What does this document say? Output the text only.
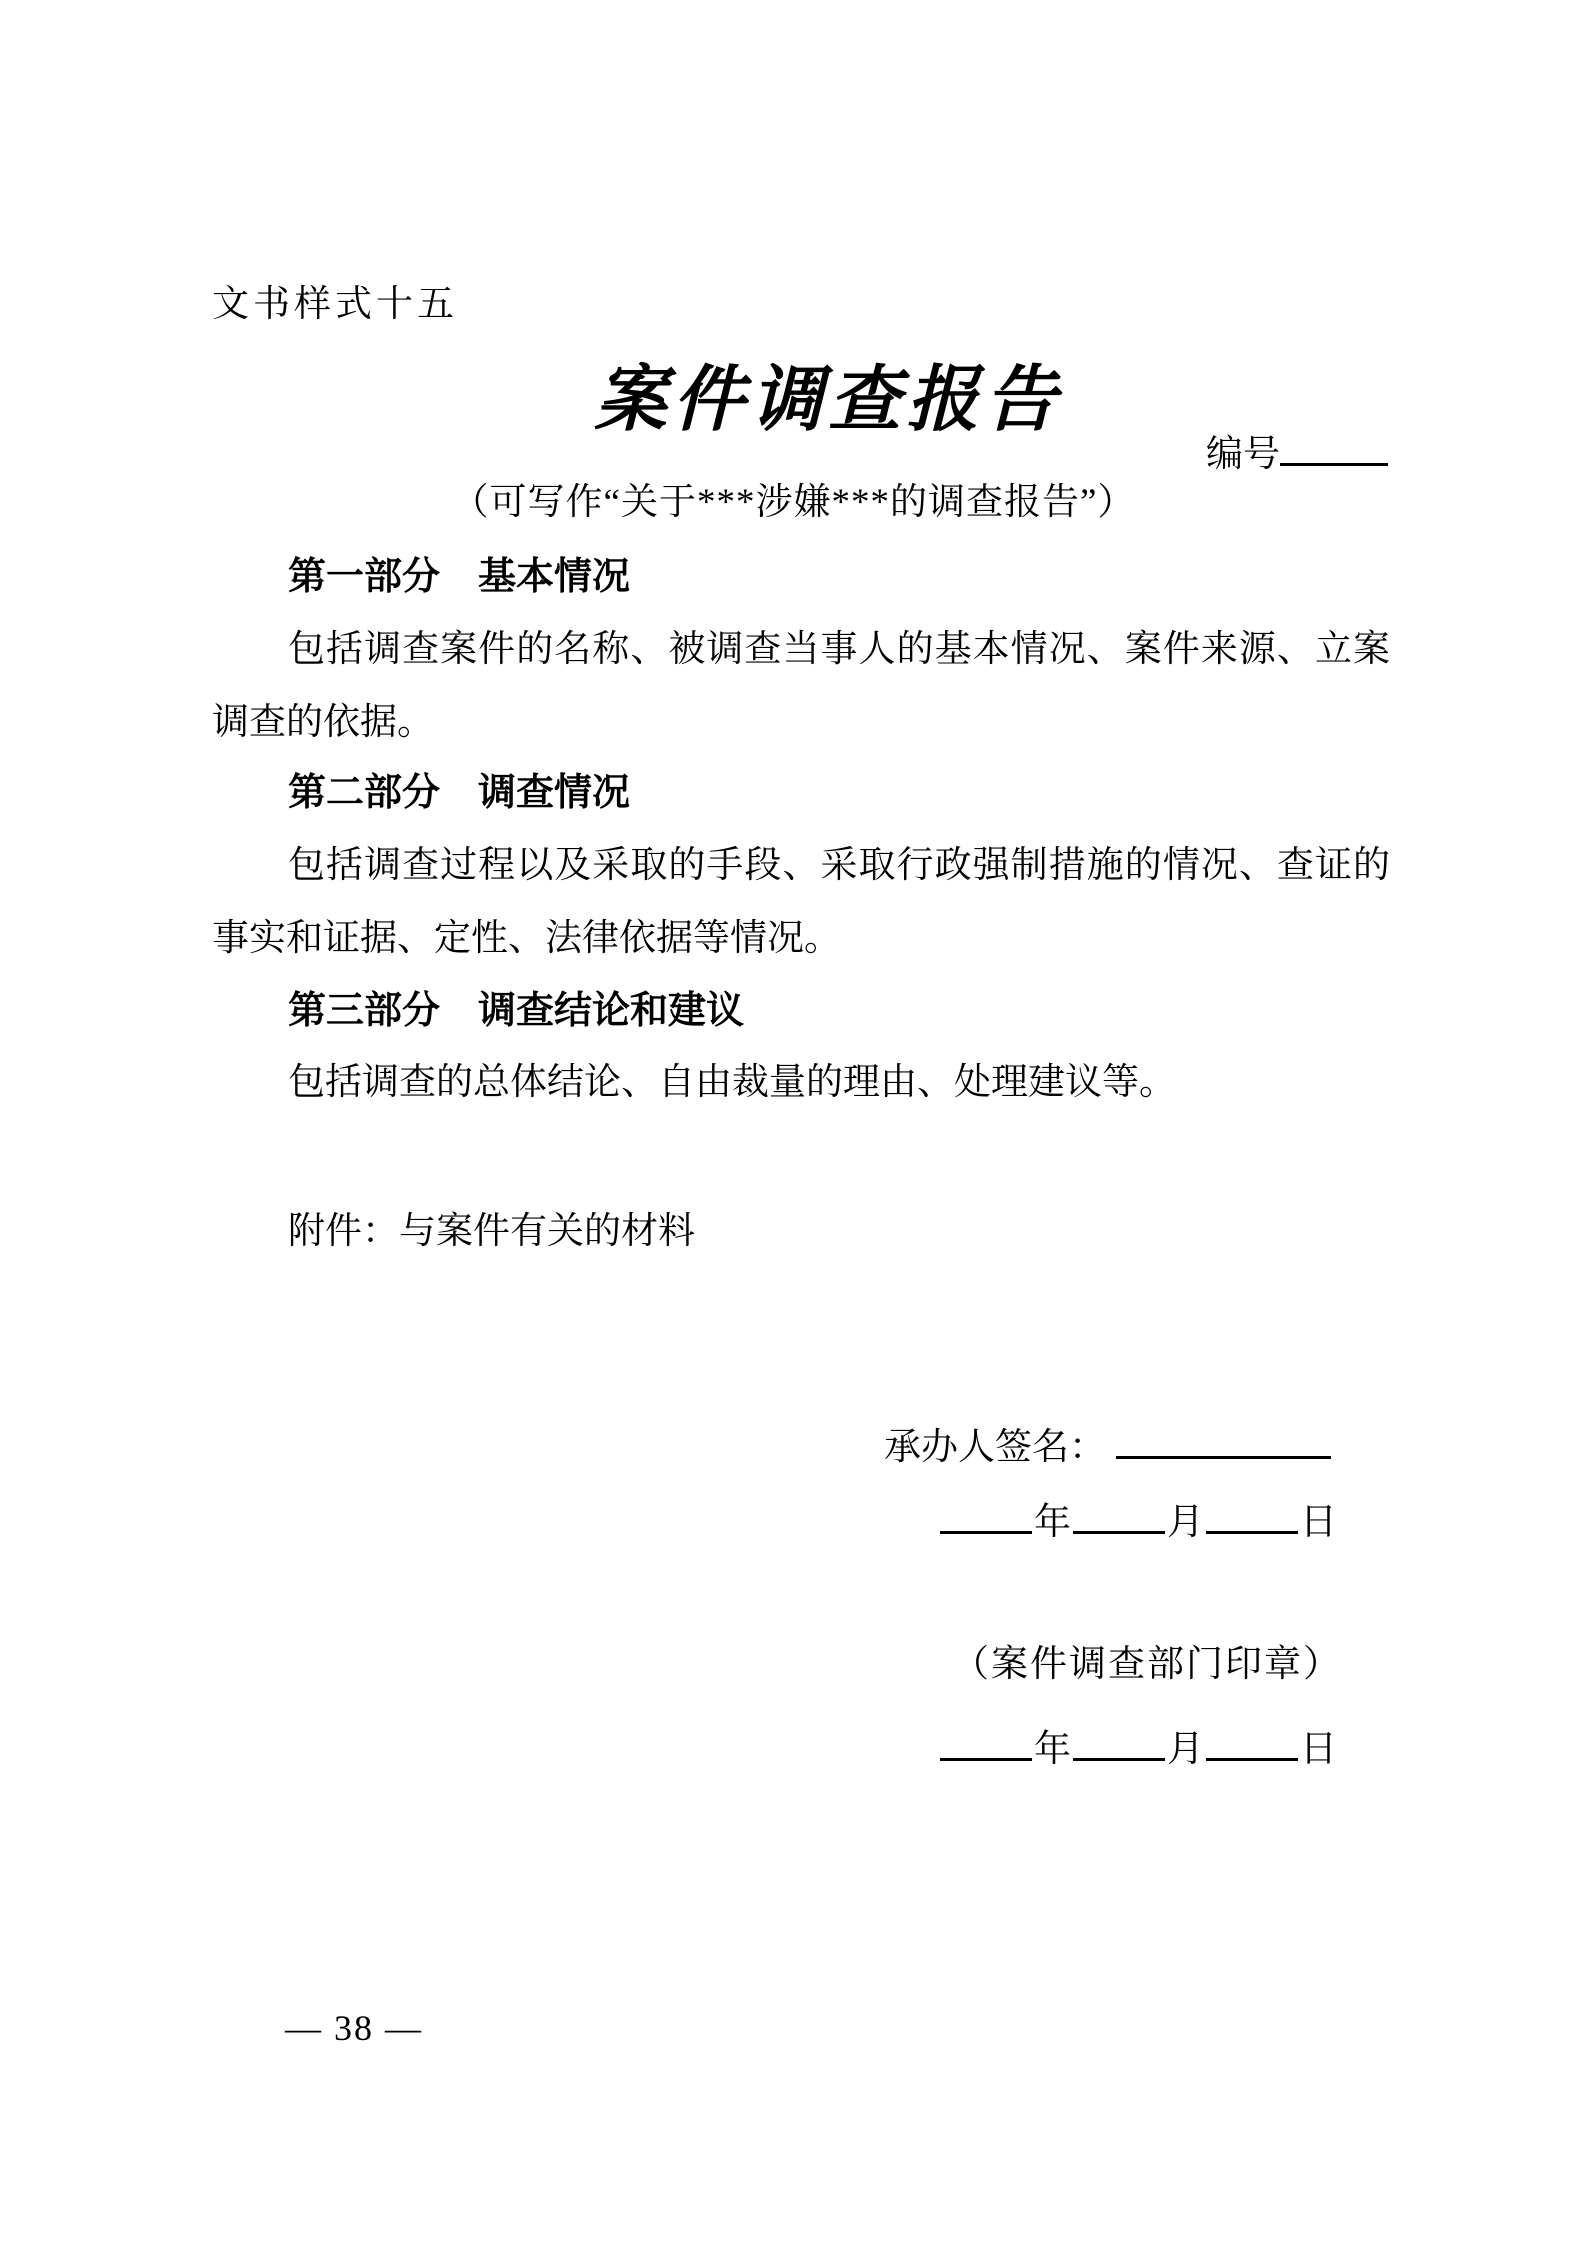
文书样式十五
案件调查报告
编号
（可写作“关于***涉嫌***的调查报告”）
第一部分　基本情况
包括调查案件的名称、被调查当事人的基本情况、案件来源、立案调查的依据。
第二部分　调查情况
包括调查过程以及采取的手段、采取行政强制措施的情况、查证的事实和证据、定性、法律依据等情况。
第三部分　调查结论和建议
包括调查的总体结论、自由裁量的理由、处理建议等。
附件：与案件有关的材料
承办人签名：
年	月	日
（案件调查部门印章）
年	月	日
— 38 —
